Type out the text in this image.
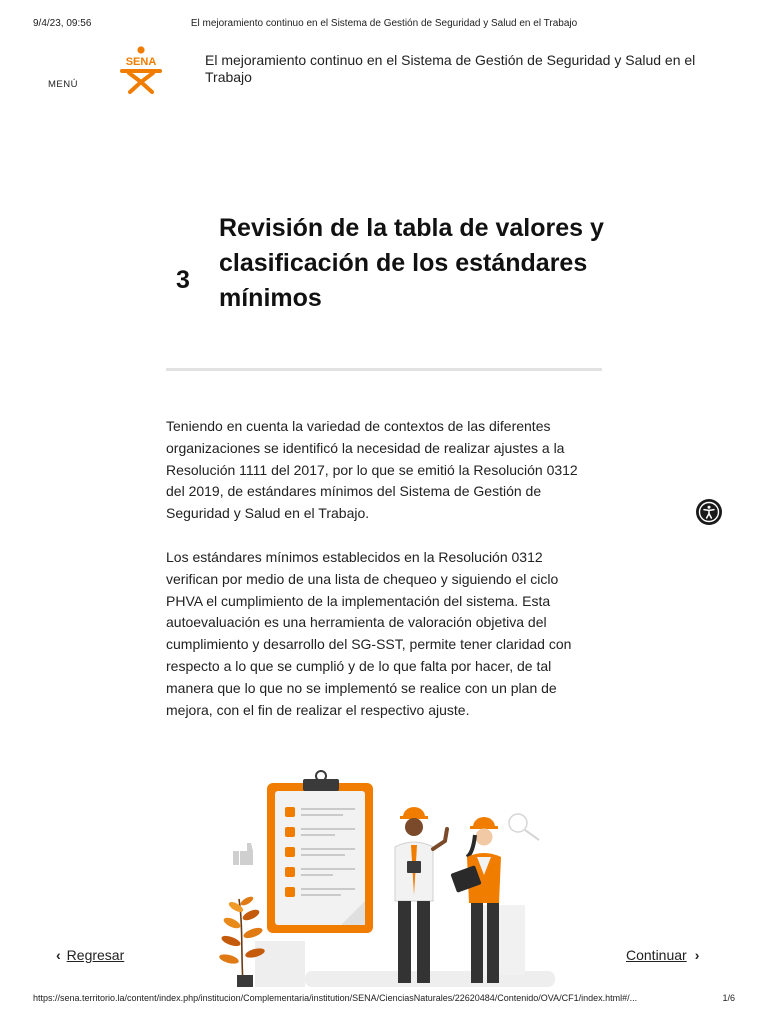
9/4/23, 09:56	El mejoramiento continuo en el Sistema de Gestión de Seguridad y Salud en el Trabajo
MENÚ
SENA	El mejoramiento continuo en el Sistema de Gestión de Seguridad y Salud en el Trabajo
3
Revisión de la tabla de valores y clasificación de los estándares mínimos

Teniendo en cuenta la variedad de contextos de las diferentes organizaciones se identificó la necesidad de realizar ajustes a la Resolución 1111 del 2017, por lo que se emitió la Resolución 0312 del 2019, de estándares mínimos del Sistema de Gestión de Seguridad y Salud en el Trabajo.

Los estándares mínimos establecidos en la Resolución 0312 verifican por medio de una lista de chequeo y siguiendo el ciclo PHVA el cumplimiento de la implementación del sistema. Esta autoevaluación es una herramienta de valoración objetiva del cumplimiento y desarrollo del SG-SST, permite tener claridad con respecto a lo que se cumplió y de lo que falta por hacer, de tal manera que lo que no se implementó se realice con un plan de mejora, con el fin de realizar el respectivo ajuste.

‹ Regresar	Continuar ›
https://sena.territorio.la/content/index.php/institucion/Complementaria/institution/SENA/CienciasNaturales/22620484/Contenido/OVA/CF1/index.html#/...	1/6
